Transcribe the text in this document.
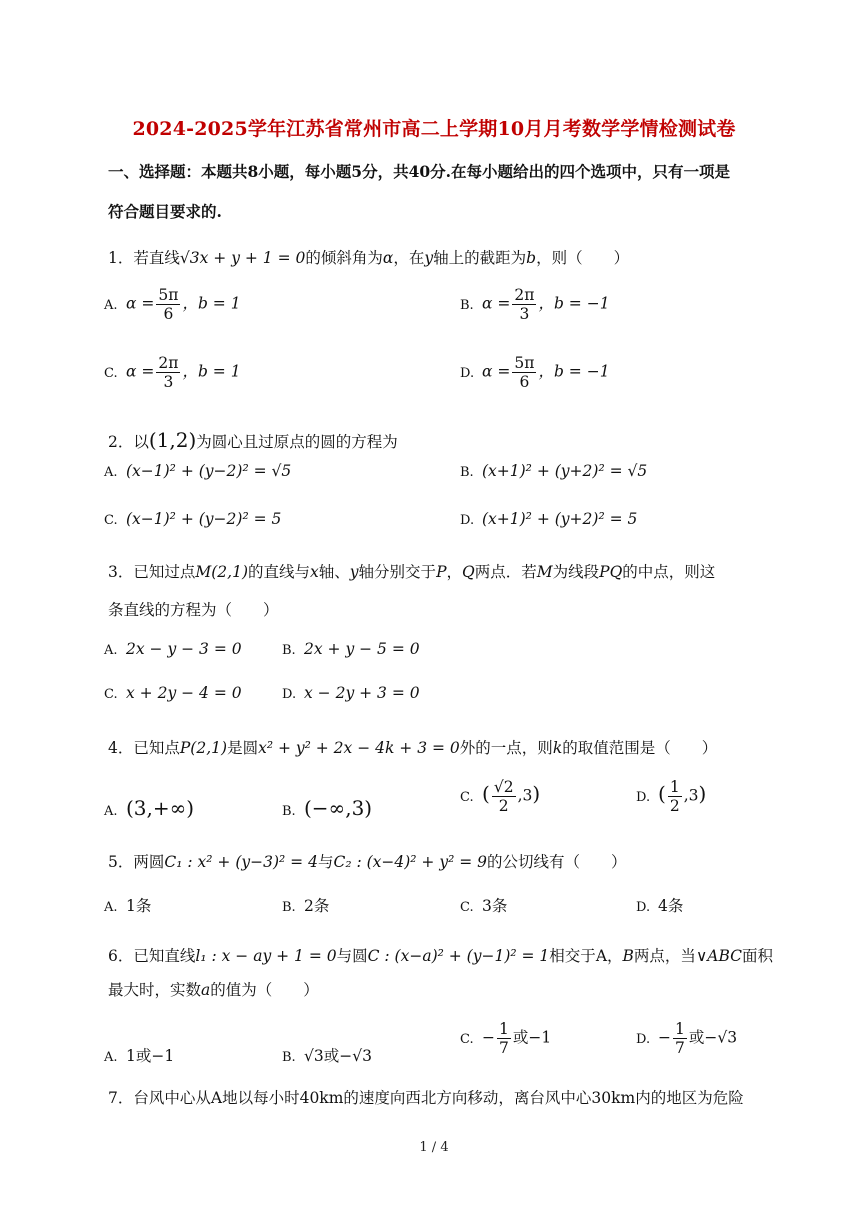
2024-2025学年江苏省常州市高二上学期10月月考数学学情检测试卷
一、选择题：本题共8小题，每小题5分，共40分.在每小题给出的四个选项中，只有一项是
符合题目要求的.
1．若直线√3x + y + 1 = 0的倾斜角为α，在y轴上的截距为b，则（　　）
A. $\alpha = \frac{5\pi}{6}$ ，b = 1	B. $\alpha = \frac{2\pi}{3}$ ，b = −1
C. $\alpha = \frac{2\pi}{3}$ ，b = 1	D. $\alpha = \frac{5\pi}{6}$ ，b = −1
2．以(1,2)为圆心且过原点的圆的方程为
A. (x−1)² + (y−2)² = √5	B. (x+1)² + (y+2)² = √5
C. (x−1)² + (y−2)² = 5	D. (x+1)² + (y+2)² = 5
3．已知过点M(2,1)的直线与x轴、y轴分别交于P，Q两点．若M为线段PQ的中点，则这
条直线的方程为（　　）
A. 2x − y − 3 = 0	B. 2x + y − 5 = 0
C. x + 2y − 4 = 0	D. x − 2y + 3 = 0
4．已知点P(2,1)是圆x² + y² + 2x − 4k + 3 = 0外的一点，则k的取值范围是（　　）
A. (3,+∞)	B. (−∞,3)	C. ( $\frac{√2}{2} ,3$)	D. ( $\frac{1}{2} ,3$)
5．两圆C₁ : x² + (y−3)² = 4与C₂ : (x−4)² + y² = 9的公切线有（　　）
A. 1条	B. 2条	C. 3条	D. 4条
6．已知直线l₁ : x − ay + 1 = 0与圆C : (x−a)² + (y−1)² = 1相交于A，B两点，当∨ABC面积
最大时，实数a的值为（　　）
A. 1或−1	B. √3或−√3
C. − $\frac{1}{7}$ 或−1	D. − $\frac{1}{7}$ 或−√3
7．台风中心从A地以每小时40km的速度向西北方向移动，离台风中心30km内的地区为危险
1 / 4
